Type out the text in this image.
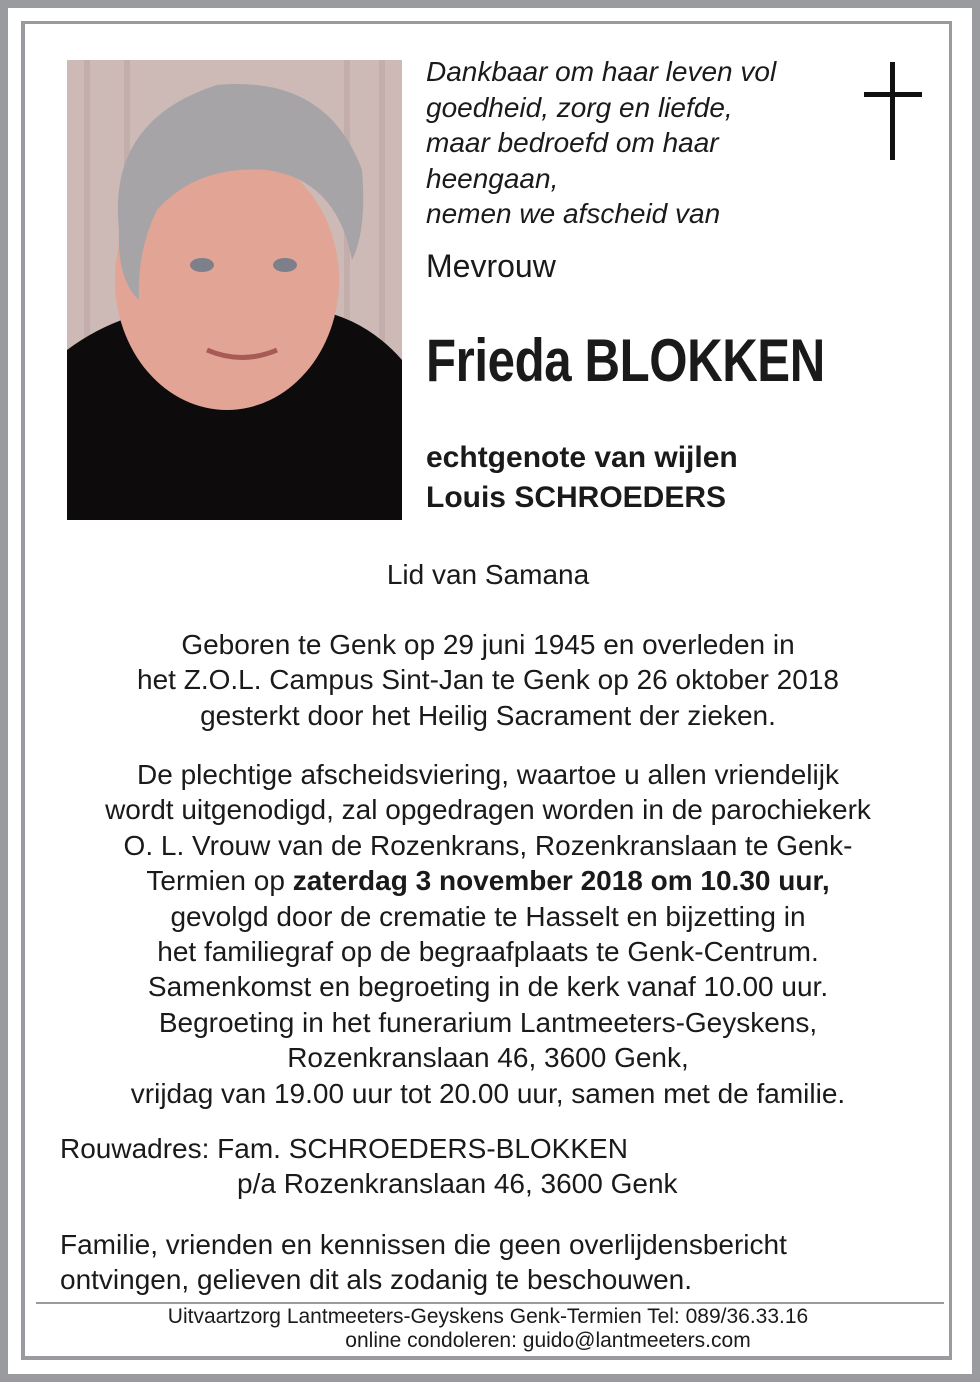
Dankbaar om haar leven vol
goedheid, zorg en liefde,
maar bedroefd om haar
heengaan,
nemen we afscheid van
Mevrouw
Frieda BLOKKEN
echtgenote van wijlen
Louis SCHROEDERS
Lid van Samana
Geboren te Genk op 29 juni 1945 en overleden in
het Z.O.L. Campus Sint-Jan te Genk op 26 oktober 2018
gesterkt door het Heilig Sacrament der zieken.
De plechtige afscheidsviering, waartoe u allen vriendelijk
wordt uitgenodigd, zal opgedragen worden in de parochiekerk
O. L. Vrouw van de Rozenkrans, Rozenkranslaan te Genk-
Termien op zaterdag 3 november 2018 om 10.30 uur,
gevolgd door de crematie te Hasselt en bijzetting in
het familiegraf op de begraafplaats te Genk-Centrum.
Samenkomst en begroeting in de kerk vanaf 10.00 uur.
Begroeting in het funerarium Lantmeeters-Geyskens,
Rozenkranslaan 46, 3600 Genk,
vrijdag van 19.00 uur tot 20.00 uur, samen met de familie.
Rouwadres: Fam. SCHROEDERS-BLOKKEN
p/a Rozenkranslaan 46, 3600 Genk
Familie, vrienden en kennissen die geen overlijdensbericht
ontvingen, gelieven dit als zodanig te beschouwen.
Uitvaartzorg Lantmeeters-Geyskens Genk-Termien Tel: 089/36.33.16
online condoleren: guido@lantmeeters.com
